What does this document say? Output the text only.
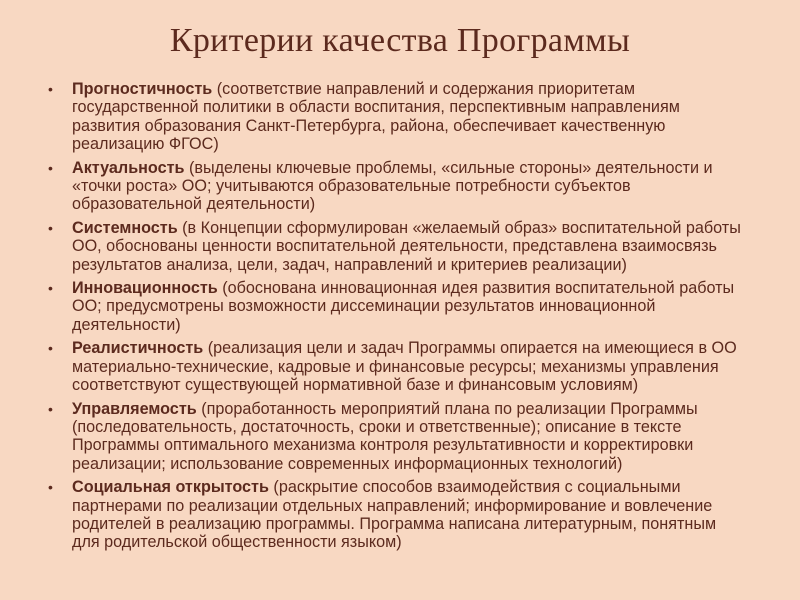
Критерии качества Программы
• Прогностичность (соответствие направлений и содержания приоритетам государственной политики в области воспитания, перспективным направлениям развития образования Санкт-Петербурга, района, обеспечивает качественную реализацию ФГОС)
• Актуальность (выделены ключевые проблемы, «сильные стороны» деятельности и «точки роста» ОО; учитываются образовательные потребности субъектов образовательной деятельности)
• Системность (в Концепции сформулирован «желаемый образ» воспитательной работы ОО, обоснованы ценности воспитательной деятельности, представлена взаимосвязь результатов анализа, цели, задач, направлений и критериев реализации)
• Инновационность (обоснована инновационная идея развития воспитательной работы ОО; предусмотрены возможности диссеминации результатов инновационной деятельности)
• Реалистичность (реализация цели и задач Программы опирается на имеющиеся в ОО материально-технические, кадровые и финансовые ресурсы; механизмы управления соответствуют существующей нормативной базе и финансовым условиям)
• Управляемость (проработанность мероприятий плана по реализации Программы (последовательность, достаточность, сроки и ответственные); описание в тексте Программы оптимального механизма контроля результативности и корректировки реализации; использование современных информационных технологий)
• Социальная открытость (раскрытие способов взаимодействия с социальными партнерами по реализации отдельных направлений; информирование и вовлечение родителей в реализацию программы. Программа написана литературным, понятным для родительской общественности языком)
